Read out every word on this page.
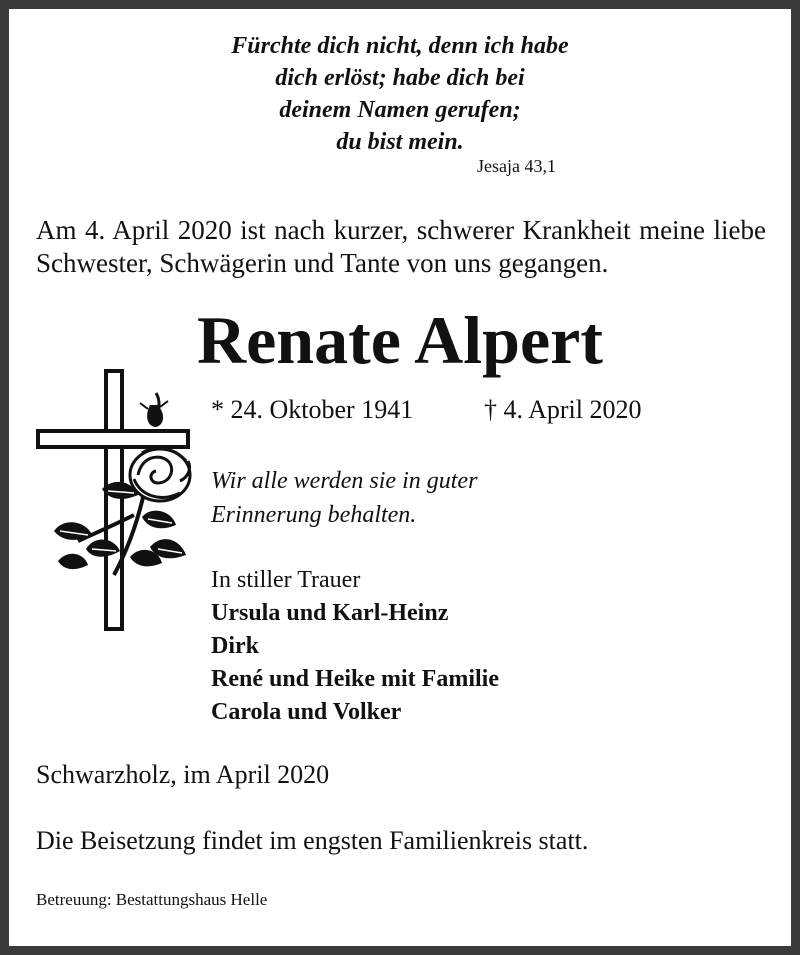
Fürchte dich nicht, denn ich habe
dich erlöst; habe dich bei
deinem Namen gerufen;
du bist mein.
Jesaja 43,1
Am 4. April 2020 ist nach kurzer, schwerer Krankheit meine liebe Schwester, Schwägerin und Tante von uns gegangen.
Renate Alpert
* 24. Oktober 1941	† 4. April 2020
Wir alle werden sie in guter
Erinnerung behalten.
In stiller Trauer
Ursula und Karl-Heinz
Dirk
René und Heike mit Familie
Carola und Volker
Schwarzholz, im April 2020
Die Beisetzung findet im engsten Familienkreis statt.
Betreuung: Bestattungshaus Helle
